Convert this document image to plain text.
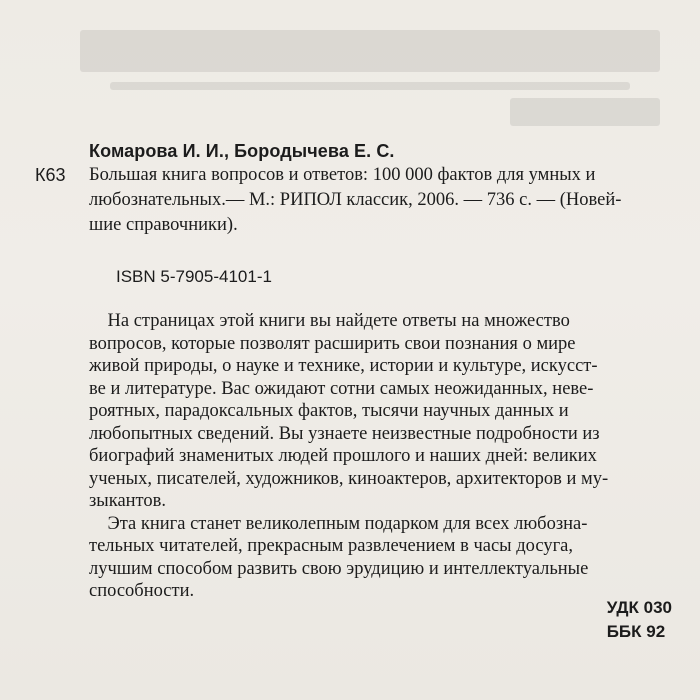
Комарова И. И., Бородычева Е. С.
К63 Большая книга вопросов и ответов: 100 000 фактов для умных и
любознательных.— М.: РИПОЛ классик, 2006. — 736 с. — (Новей-
шие справочники).
ISBN 5-7905-4101-1
На страницах этой книги вы найдете ответы на множество
вопросов, которые позволят расширить свои познания о мире
живой природы, о науке и технике, истории и культуре, искусст-
ве и литературе. Вас ожидают сотни самых неожиданных, неве-
роятных, парадоксальных фактов, тысячи научных данных и
любопытных сведений. Вы узнаете неизвестные подробности из
биографий знаменитых людей прошлого и наших дней: великих
ученых, писателей, художников, киноактеров, архитекторов и му-
зыкантов.
Эта книга станет великолепным подарком для всех любозна-
тельных читателей, прекрасным развлечением в часы досуга,
лучшим способом развить свою эрудицию и интеллектуальные
способности.
УДК 030
ББК 92
